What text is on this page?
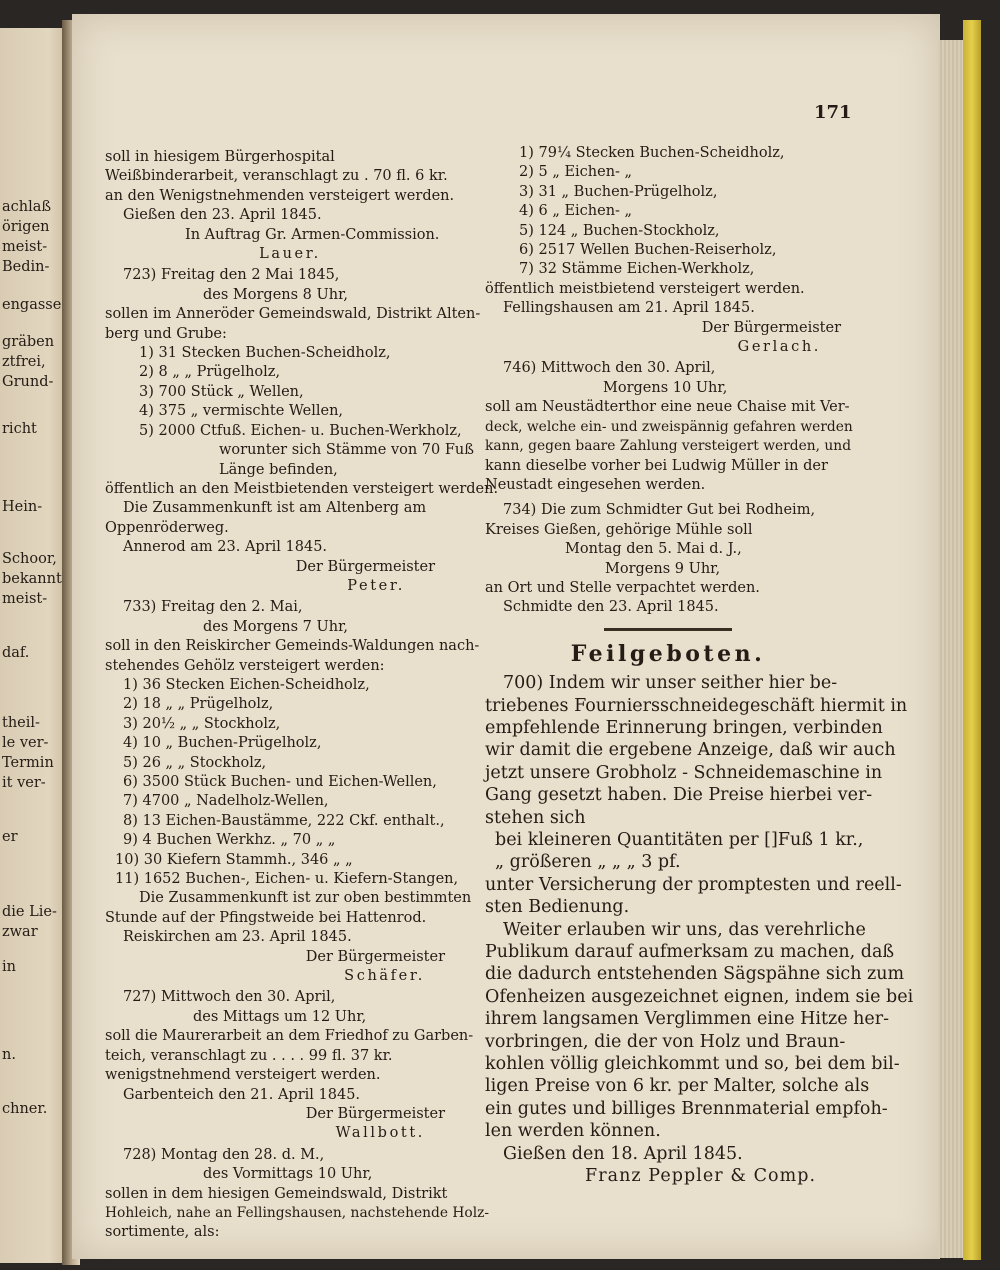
achlaß
örigen
meist-
Bedin-
engasse
gräben
ztfrei,
Grund-
richt
Hein-
Schoor,
bekannt
meist-
daf.
theil-
le ver-
Termin
it ver-
er
die Lie-
zwar
in
n.
chner.
171
soll in hiesigem Bürgerhospital
Weißbinderarbeit, veranschlagt zu . 70 fl. 6 kr.
an den Wenigstnehmenden versteigert werden.
Gießen den 23. April 1845.
In Auftrag Gr. Armen-Commission.
Lauer.
723) Freitag den 2 Mai 1845,
des Morgens 8 Uhr,
sollen im Anneröder Gemeindswald, Distrikt Alten-
berg und Grube:
1) 31 Stecken Buchen-Scheidholz,
2) 8 „ „ Prügelholz,
3) 700 Stück „ Wellen,
4) 375 „ vermischte Wellen,
5) 2000 Ctfuß. Eichen- u. Buchen-Werkholz,
worunter sich Stämme von 70 Fuß
Länge befinden,
öffentlich an den Meistbietenden versteigert werden.
Die Zusammenkunft ist am Altenberg am
Oppenröderweg.
Annerod am 23. April 1845.
Der Bürgermeister
Peter.
733) Freitag den 2. Mai,
des Morgens 7 Uhr,
soll in den Reiskircher Gemeinds-Waldungen nach-
stehendes Gehölz versteigert werden:
1) 36 Stecken Eichen-Scheidholz,
2) 18 „ „ Prügelholz,
3) 20½ „ „ Stockholz,
4) 10 „ Buchen-Prügelholz,
5) 26 „ „ Stockholz,
6) 3500 Stück Buchen- und Eichen-Wellen,
7) 4700 „ Nadelholz-Wellen,
8) 13 Eichen-Baustämme, 222 Ckf. enthalt.,
9) 4 Buchen Werkhz. „ 70 „ „
10) 30 Kiefern Stammh., 346 „ „
11) 1652 Buchen-, Eichen- u. Kiefern-Stangen,
Die Zusammenkunft ist zur oben bestimmten
Stunde auf der Pfingstweide bei Hattenrod.
Reiskirchen am 23. April 1845.
Der Bürgermeister
Schäfer.
727) Mittwoch den 30. April,
des Mittags um 12 Uhr,
soll die Maurerarbeit an dem Friedhof zu Garben-
teich, veranschlagt zu . . . . 99 fl. 37 kr.
wenigstnehmend versteigert werden.
Garbenteich den 21. April 1845.
Der Bürgermeister
Wallbott.
728) Montag den 28. d. M.,
des Vormittags 10 Uhr,
sollen in dem hiesigen Gemeindswald, Distrikt
Hohleich, nahe an Fellingshausen, nachstehende Holz-
sortimente, als:
1) 79¼ Stecken Buchen-Scheidholz,
2) 5 „ Eichen- „
3) 31 „ Buchen-Prügelholz,
4) 6 „ Eichen- „
5) 124 „ Buchen-Stockholz,
6) 2517 Wellen Buchen-Reiserholz,
7) 32 Stämme Eichen-Werkholz,
öffentlich meistbietend versteigert werden.
Fellingshausen am 21. April 1845.
Der Bürgermeister
Gerlach.
746) Mittwoch den 30. April,
Morgens 10 Uhr,
soll am Neustädterthor eine neue Chaise mit Ver-
deck, welche ein- und zweispännig gefahren werden
kann, gegen baare Zahlung versteigert werden, und
kann dieselbe vorher bei Ludwig Müller in der
Neustadt eingesehen werden.
734) Die zum Schmidter Gut bei Rodheim,
Kreises Gießen, gehörige Mühle soll
Montag den 5. Mai d. J.,
Morgens 9 Uhr,
an Ort und Stelle verpachtet werden.
Schmidte den 23. April 1845.
Feilgeboten.
700) Indem wir unser seither hier be-
triebenes Fourniersschneidegeschäft hiermit in
empfehlende Erinnerung bringen, verbinden
wir damit die ergebene Anzeige, daß wir auch
jetzt unsere Grobholz - Schneidemaschine in
Gang gesetzt haben. Die Preise hierbei ver-
stehen sich
bei kleineren Quantitäten per []Fuß 1 kr.,
„ größeren „ „ „ 3 pf.
unter Versicherung der promptesten und reell-
sten Bedienung.
Weiter erlauben wir uns, das verehrliche
Publikum darauf aufmerksam zu machen, daß
die dadurch entstehenden Sägspähne sich zum
Ofenheizen ausgezeichnet eignen, indem sie bei
ihrem langsamen Verglimmen eine Hitze her-
vorbringen, die der von Holz und Braun-
kohlen völlig gleichkommt und so, bei dem bil-
ligen Preise von 6 kr. per Malter, solche als
ein gutes und billiges Brennmaterial empfoh-
len werden können.
Gießen den 18. April 1845.
Franz Peppler & Comp.
